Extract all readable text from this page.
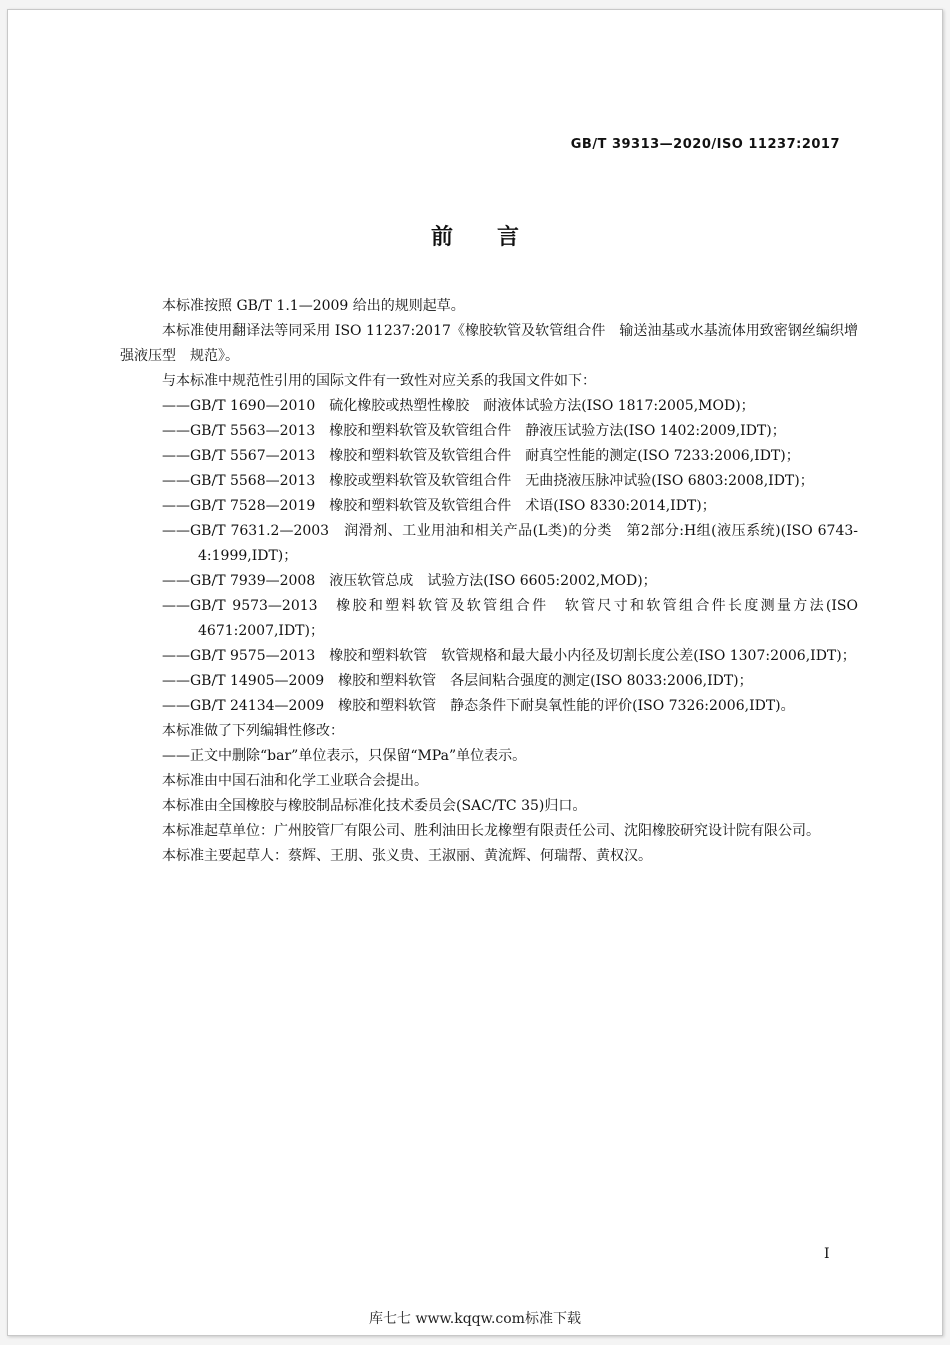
GB/T 39313—2020/ISO 11237:2017
前言

本标准按照 GB/T 1.1—2009 给出的规则起草。

本标准使用翻译法等同采用 ISO 11237:2017《橡胶软管及软管组合件　输送油基或水基流体用致密钢丝编织增强液压型　规范》。

与本标准中规范性引用的国际文件有一致性对应关系的我国文件如下：

——GB/T 1690—2010　硫化橡胶或热塑性橡胶　耐液体试验方法(ISO 1817:2005,MOD)；

——GB/T 5563—2013　橡胶和塑料软管及软管组合件　静液压试验方法(ISO 1402:2009,IDT)；

——GB/T 5567—2013　橡胶和塑料软管及软管组合件　耐真空性能的测定(ISO 7233:2006,IDT)；

——GB/T 5568—2013　橡胶或塑料软管及软管组合件　无曲挠液压脉冲试验(ISO 6803:2008,IDT)；

——GB/T 7528—2019　橡胶和塑料软管及软管组合件　术语(ISO 8330:2014,IDT)；

——GB/T 7631.2—2003　润滑剂、工业用油和相关产品(L类)的分类　第2部分:H组(液压系统)(ISO 6743-4:1999,IDT)；

——GB/T 7939—2008　液压软管总成　试验方法(ISO 6605:2002,MOD)；

——GB/T 9573—2013　橡胶和塑料软管及软管组合件　软管尺寸和软管组合件长度测量方法(ISO 4671:2007,IDT)；

——GB/T 9575—2013　橡胶和塑料软管　软管规格和最大最小内径及切割长度公差(ISO 1307:2006,IDT)；

——GB/T 14905—2009　橡胶和塑料软管　各层间粘合强度的测定(ISO 8033:2006,IDT)；

——GB/T 24134—2009　橡胶和塑料软管　静态条件下耐臭氧性能的评价(ISO 7326:2006,IDT)。

本标准做了下列编辑性修改：

——正文中删除“bar”单位表示，只保留“MPa”单位表示。

本标准由中国石油和化学工业联合会提出。

本标准由全国橡胶与橡胶制品标准化技术委员会(SAC/TC 35)归口。

本标准起草单位：广州胶管厂有限公司、胜利油田长龙橡塑有限责任公司、沈阳橡胶研究设计院有限公司。

本标准主要起草人：蔡辉、王朋、张义贵、王淑丽、黄流辉、何瑞帮、黄权汉。

I
库七七 www.kqqw.com标准下载
